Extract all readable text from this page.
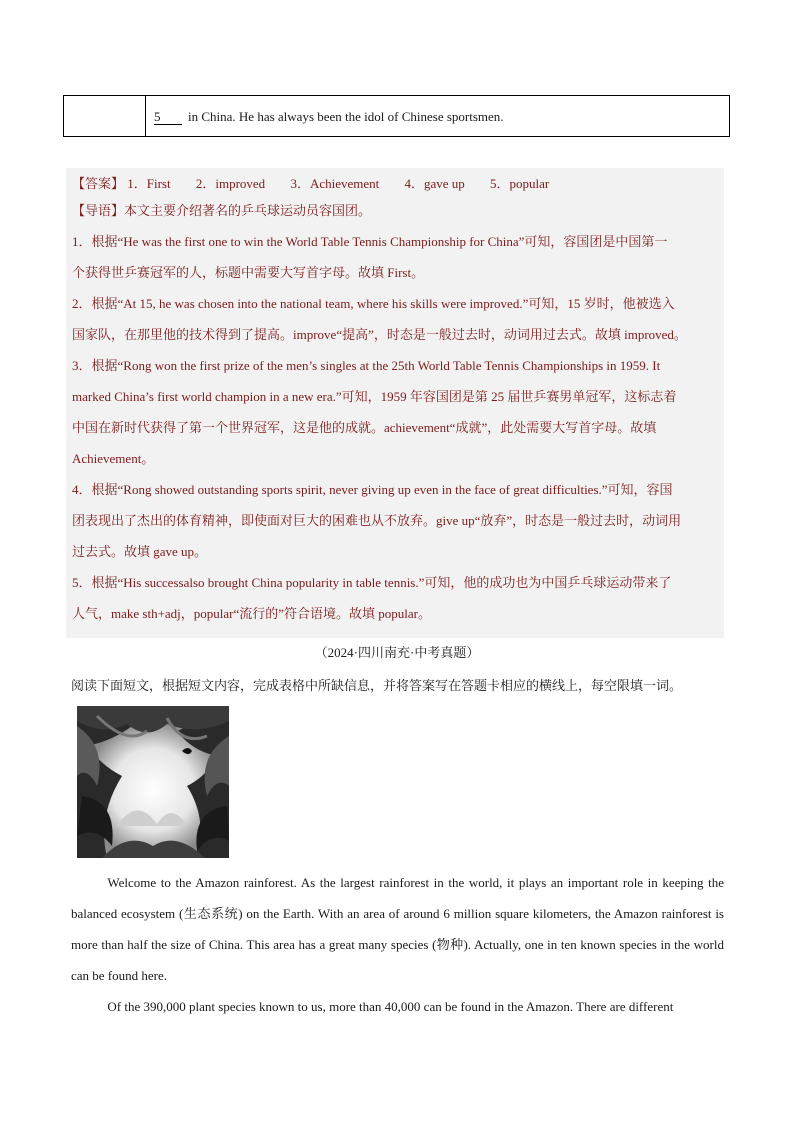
5 in China. He has always been the idol of Chinese sportsmen.
【答案】 1．First 2．improved 3．Achievement 4．gave up 5．popular
【导语】本文主要介绍著名的乒乓球运动员容国团。
1．根据“He was the first one to win the World Table Tennis Championship for China”可知，容国团是中国第一
个获得世乒赛冠军的人，标题中需要大写首字母。故填 First。
2．根据“At 15, he was chosen into the national team, where his skills were improved.”可知，15 岁时，他被选入
国家队，在那里他的技术得到了提高。improve“提高”，时态是一般过去时，动词用过去式。故填 improved。
3．根据“Rong won the first prize of the men’s singles at the 25th World Table Tennis Championships in 1959. It
marked China’s first world champion in a new era.”可知，1959 年容国团是第 25 届世乒赛男单冠军，这标志着
中国在新时代获得了第一个世界冠军，这是他的成就。achievement“成就”，此处需要大写首字母。故填
Achievement。
4．根据“Rong showed outstanding sports spirit, never giving up even in the face of great difficulties.”可知，容国
团表现出了杰出的体育精神，即使面对巨大的困难也从不放弃。give up“放弃”，时态是一般过去时，动词用
过去式。故填 gave up。
5．根据“His successalso brought China popularity in table tennis.”可知，他的成功也为中国乒乓球运动带来了
人气，make sth+adj，popular“流行的”符合语境。故填 popular。
（2024·四川南充·中考真题）
阅读下面短文，根据短文内容，完成表格中所缺信息，并将答案写在答题卡相应的横线上，每空限填一词。

Welcome to the Amazon rainforest. As the largest rainforest in the world, it plays an important role in keeping the balanced ecosystem (生态系统) on the Earth. With an area of around 6 million square kilometers, the Amazon rainforest is more than half the size of China. This area has a great many species (物种). Actually, one in ten known species in the world can be found here.

Of the 390,000 plant species known to us, more than 40,000 can be found in the Amazon. There are different
